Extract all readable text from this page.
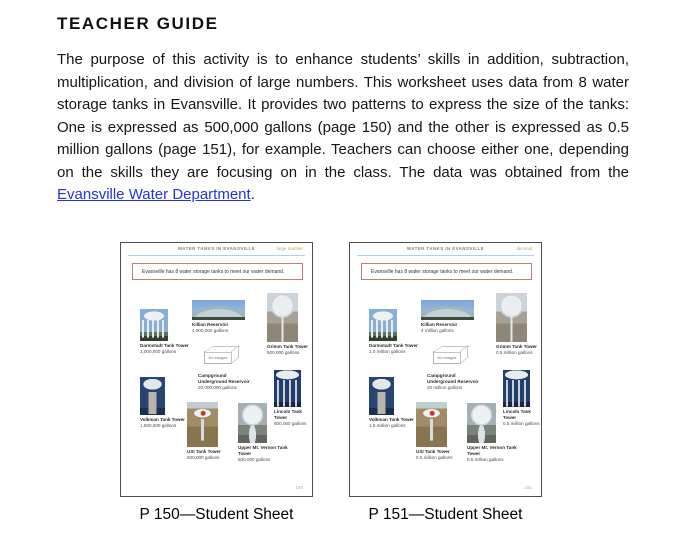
TEACHER GUIDE

The purpose of this activity is to enhance students’ skills in addition, subtraction, multiplication, and division of large numbers. This worksheet uses data from 8 water storage tanks in Evansville. It provides two patterns to express the size of the tanks: One is expressed as 500,000 gallons (page 150) and the other is expressed as 0.5 million gallons (page 151), for example. Teachers can choose either one, depending on the skills they are focusing on in the class. The data was obtained from the Evansville Water Department.

WATER TANKS IN EVANSVILLE	large number
Evansville has 8 water storage tanks to meet our water demand.
Darmstadt Tank Tower
1,000,000 gallons
Killian Reservoir
4,000,000 gallons
Grimm Tank Tower
500,000 gallons
No images
Campground Underground Reservoir
20,000,000 gallons
Volkman Tank Tower
1,500,000 gallons
USI Tank Tower
500,000 gallons
Upper Mt. Vernon Tank Tower
500,000 gallons
Lincoln Tank Tower
500,000 gallons
150
P 150—Student Sheet
WATER TANKS IN EVANSVILLE	decimal
Evansville has 8 water storage tanks to meet our water demand.
Darmstadt Tank Tower
1.0 million gallons
Killian Reservoir
4 million gallons
Grimm Tank Tower
0.5 million gallons
No images
Campground Underground Reservoir
20 million gallons
Volkman Tank Tower
1.5 million gallons
USI Tank Tower
0.5 million gallons
Upper Mt. Vernon Tank Tower
0.5 million gallons
Lincoln Tank Tower
0.5 million gallons
151
P 151—Student Sheet
